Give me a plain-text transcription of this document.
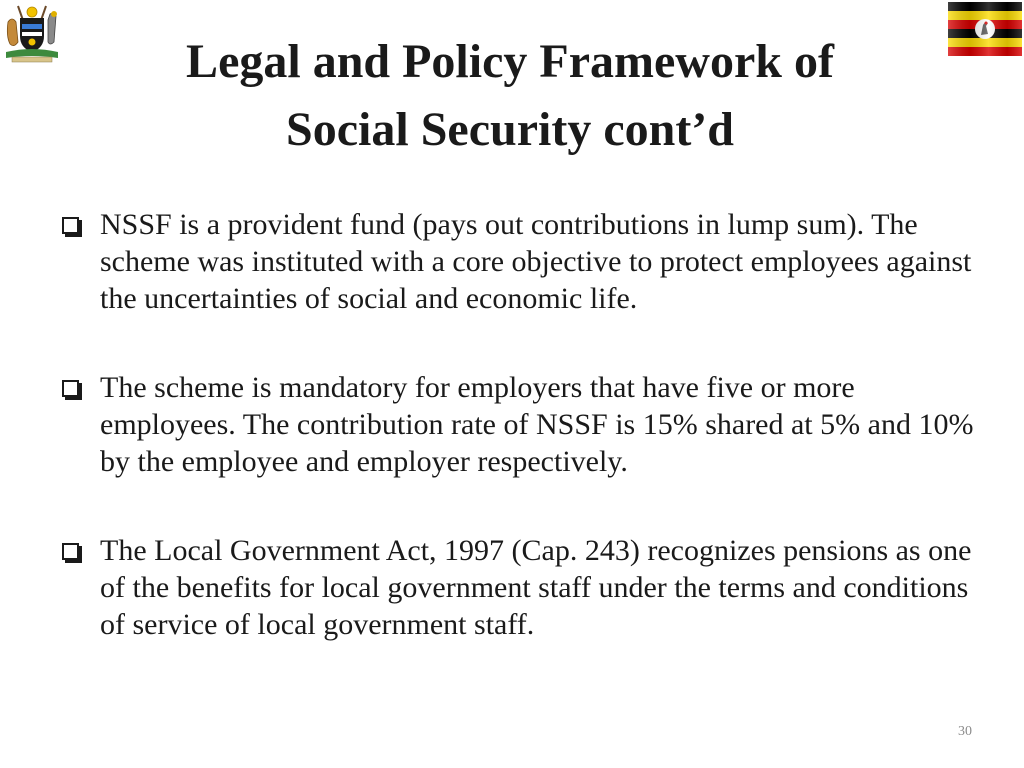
Legal and Policy Framework of
Social Security cont’d
NSSF is a provident fund (pays out contributions in lump sum). The scheme was instituted with a core objective to protect employees against the uncertainties of social and economic life.
The scheme is mandatory for employers that have five or more employees. The contribution rate of NSSF is 15% shared at 5% and 10% by the employee and employer respectively.
The Local Government Act, 1997 (Cap. 243) recognizes pensions as one of the benefits for local government staff under the terms and conditions of service of local government staff.
30
